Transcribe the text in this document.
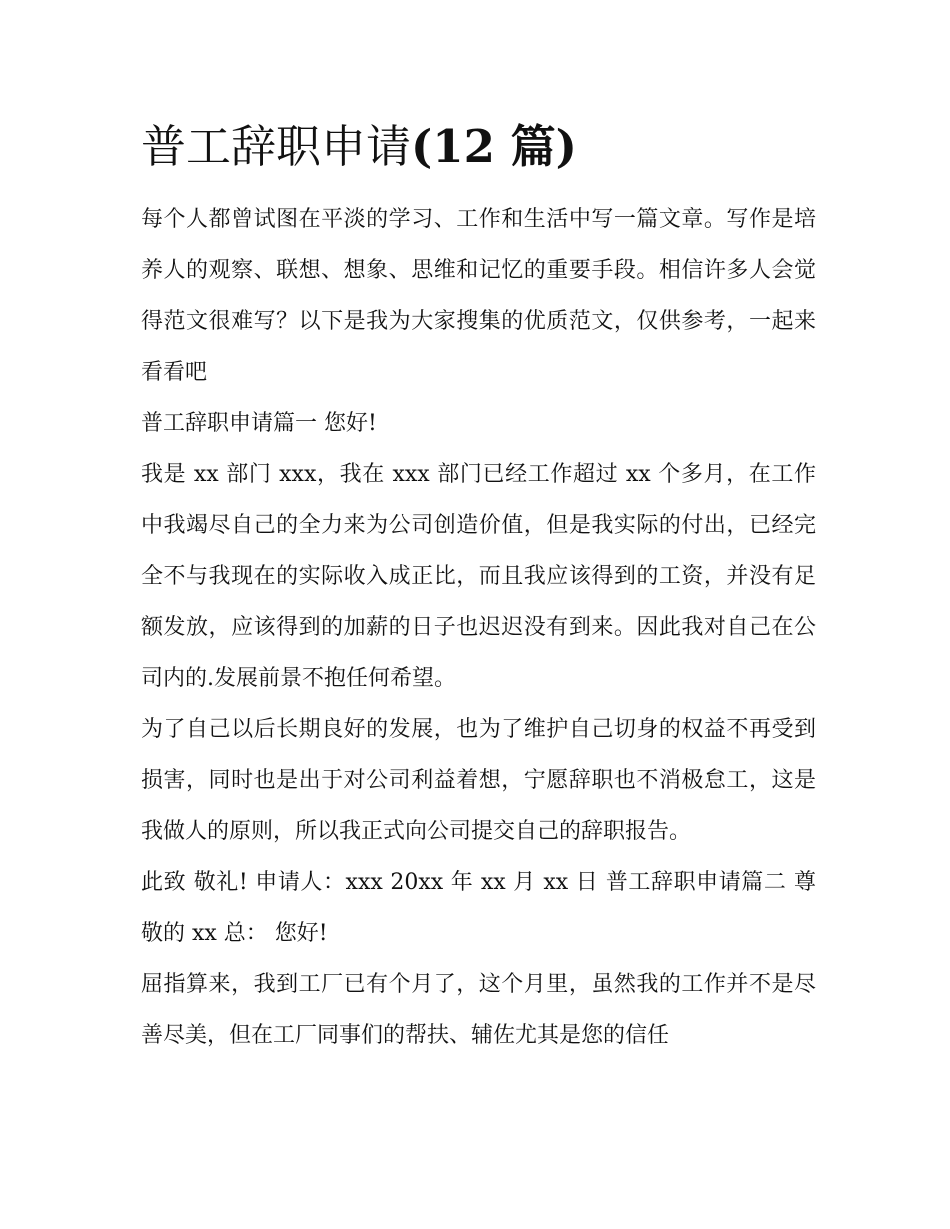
普工辞职申请(12 篇)

每个人都曾试图在平淡的学习、工作和生活中写一篇文章。写作是培养人的观察、联想、想象、思维和记忆的重要手段。相信许多人会觉得范文很难写？以下是我为大家搜集的优质范文，仅供参考，一起来看看吧

普工辞职申请篇一 您好!

我是 xx 部门 xxx，我在 xxx 部门已经工作超过 xx 个多月，在工作中我竭尽自己的全力来为公司创造价值，但是我实际的付出，已经完全不与我现在的实际收入成正比，而且我应该得到的工资，并没有足额发放，应该得到的加薪的日子也迟迟没有到来。因此我对自己在公司内的.发展前景不抱任何希望。

为了自己以后长期良好的发展，也为了维护自己切身的权益不再受到损害，同时也是出于对公司利益着想，宁愿辞职也不消极怠工，这是我做人的原则，所以我正式向公司提交自己的辞职报告。

此致 敬礼! 申请人：xxx 20xx 年 xx 月 xx 日 普工辞职申请篇二 尊敬的 xx 总： 您好!

屈指算来，我到工厂已有个月了，这个月里，虽然我的工作并不是尽善尽美，但在工厂同事们的帮扶、辅佐尤其是您的信任
